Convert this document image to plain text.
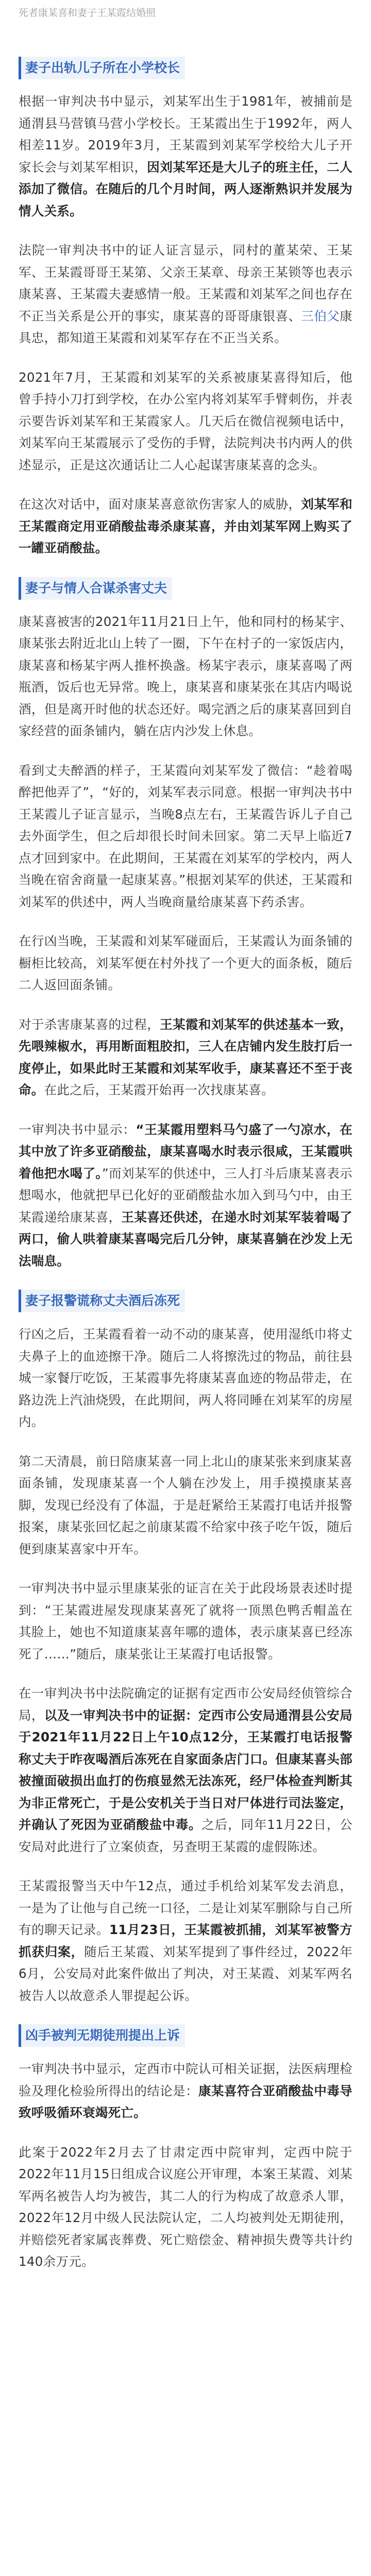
死者康某喜和妻子王某霞结婚照
妻子出轨儿子所在小学校长

根据一审判决书中显示，刘某军出生于1981年，被捕前是通渭县马营镇马营小学校长。王某霞出生于1992年，两人相差11岁。2019年3月，王某霞到刘某军学校给大儿子开家长会与刘某军相识，因刘某军还是大儿子的班主任，二人添加了微信。在随后的几个月时间，两人逐渐熟识并发展为情人关系。

法院一审判决书中的证人证言显示，同村的董某荣、王某军、王某霞哥哥王某第、父亲王某章、母亲王某锁等也表示康某喜、王某霞夫妻感情一般。王某霞和刘某军之间也存在不正当关系是公开的事实，康某喜的哥哥康银喜、三伯父康具忠，都知道王某霞和刘某军存在不正当关系。

2021年7月，王某霞和刘某军的关系被康某喜得知后，他曾手持小刀打到学校，在办公室内将刘某军手臂刺伤，并表示要告诉刘某军和王某霞家人。几天后在微信视频电话中，刘某军向王某霞展示了受伤的手臂，法院判决书内两人的供述显示，正是这次通话让二人心起谋害康某喜的念头。

在这次对话中，面对康某喜意欲伤害家人的威胁，刘某军和王某霞商定用亚硝酸盐毒杀康某喜，并由刘某军网上购买了一罐亚硝酸盐。

妻子与情人合谋杀害丈夫

康某喜被害的2021年11月21日上午，他和同村的杨某宇、康某张去附近北山上转了一圈，下午在村子的一家饭店内，康某喜和杨某宇两人推杯换盏。杨某宇表示，康某喜喝了两瓶酒，饭后也无异常。晚上，康某喜和康某张在其店内喝说酒，但是离开时他的状态还好。喝完酒之后的康某喜回到自家经营的面条铺内，躺在店内沙发上休息。

看到丈夫醉酒的样子，王某霞向刘某军发了微信：“趁着喝醉把他弄了”，“好的，刘某军表示同意。根据一审判决书中王某霞儿子证言显示，当晚8点左右，王某霞告诉儿子自己去外面学生，但之后却很长时间未回家。第二天早上临近7点才回到家中。在此期间，王某霞在刘某军的学校内，两人当晚在宿舍商量一起康某喜。”根据刘某军的供述，王某霞和刘某军的供述中，两人当晚商量给康某喜下药杀害。

在行凶当晚，王某霞和刘某军碰面后，王某霞认为面条铺的橱柜比较高，刘某军便在村外找了一个更大的面条板，随后二人返回面条铺。

对于杀害康某喜的过程，王某霞和刘某军的供述基本一致，先喂辣椒水，再用断面粗胶扣，三人在店铺内发生肢打后一度停止，如果此时王某霞和刘某军收手，康某喜还不至于丧命。在此之后，王某霞开始再一次找康某喜。

一审判决书中显示：“王某霞用塑料马勺盛了一勺凉水，在其中放了许多亚硝酸盐，康某喜喝水时表示很咸，王某霞哄着他把水喝了。”而刘某军的供述中，三人打斗后康某喜表示想喝水，他就把早已化好的亚硝酸盐水加入到马勺中，由王某霞递给康某喜，王某喜还供述，在递水时刘某军装着喝了两口，偷人哄着康某喜喝完后几分钟，康某喜躺在沙发上无法喘息。

妻子报警谎称丈夫酒后冻死

行凶之后，王某霞看着一动不动的康某喜，使用湿纸巾将丈夫鼻子上的血迹擦干净。随后二人将擦洗过的物品，前往县城一家餐厅吃饭，王某霞事先将康某喜血迹的物品带走，在路边洗上汽油烧毁，在此期间，两人将同睡在刘某军的房屋内。

第二天清晨，前日陪康某喜一同上北山的康某张来到康某喜面条铺，发现康某喜一个人躺在沙发上，用手摸摸康某喜脚，发现已经没有了体温，于是赶紧给王某霞打电话并报警报案，康某张回忆起之前康某霞不给家中孩子吃午饭，随后便到康某喜家中开车。

一审判决书中显示里康某张的证言在关于此段场景表述时提到：“王某霞进屋发现康某喜死了就将一顶黑色鸭舌帽盖在其脸上，她也不知道康某喜年哪的遗体，表示康某喜已经冻死了……”随后，康某张让王某霞打电话报警。

在一审判决书中法院确定的证据有定西市公安局经侦管综合局，以及一审判决书中的证据：定西市公安局通渭县公安局于2021年11月22日上午10点12分，王某霞打电话报警称丈夫于昨夜喝酒后冻死在自家面条店门口。但康某喜头部被撞面破损出血打的伤痕显然无法冻死，经尸体检查判断其为非正常死亡，于是公安机关于当日对尸体进行司法鉴定，并确认了死因为亚硝酸盐中毒。之后，同年11月22日，公安局对此进行了立案侦查，另查明王某霞的虚假陈述。

王某霞报警当天中午12点，通过手机给刘某军发去消息，一是为了让他与自己统一口径，二是让刘某军删除与自己所有的聊天记录。11月23日，王某霞被抓捕，刘某军被警方抓获归案，随后王某霞、刘某军提到了事件经过，2022年6月，公安局对此案件做出了判决，对王某霞、刘某军两名被告人以故意杀人罪提起公诉。

凶手被判无期徒刑提出上诉

一审判决书中显示，定西市中院认可相关证据，法医病理检验及理化检验所得出的结论是：康某喜符合亚硝酸盐中毒导致呼吸循环衰竭死亡。

此案于2022年2月去了甘肃定西中院审判，定西中院于2022年11月15日组成合议庭公开审理，本案王某霞、刘某军两名被告人均为被告，其二人的行为构成了故意杀人罪，2022年12月中级人民法院认定，二人均被判处无期徒刑，并赔偿死者家属丧葬费、死亡赔偿金、精神损失费等共计约140余万元。
